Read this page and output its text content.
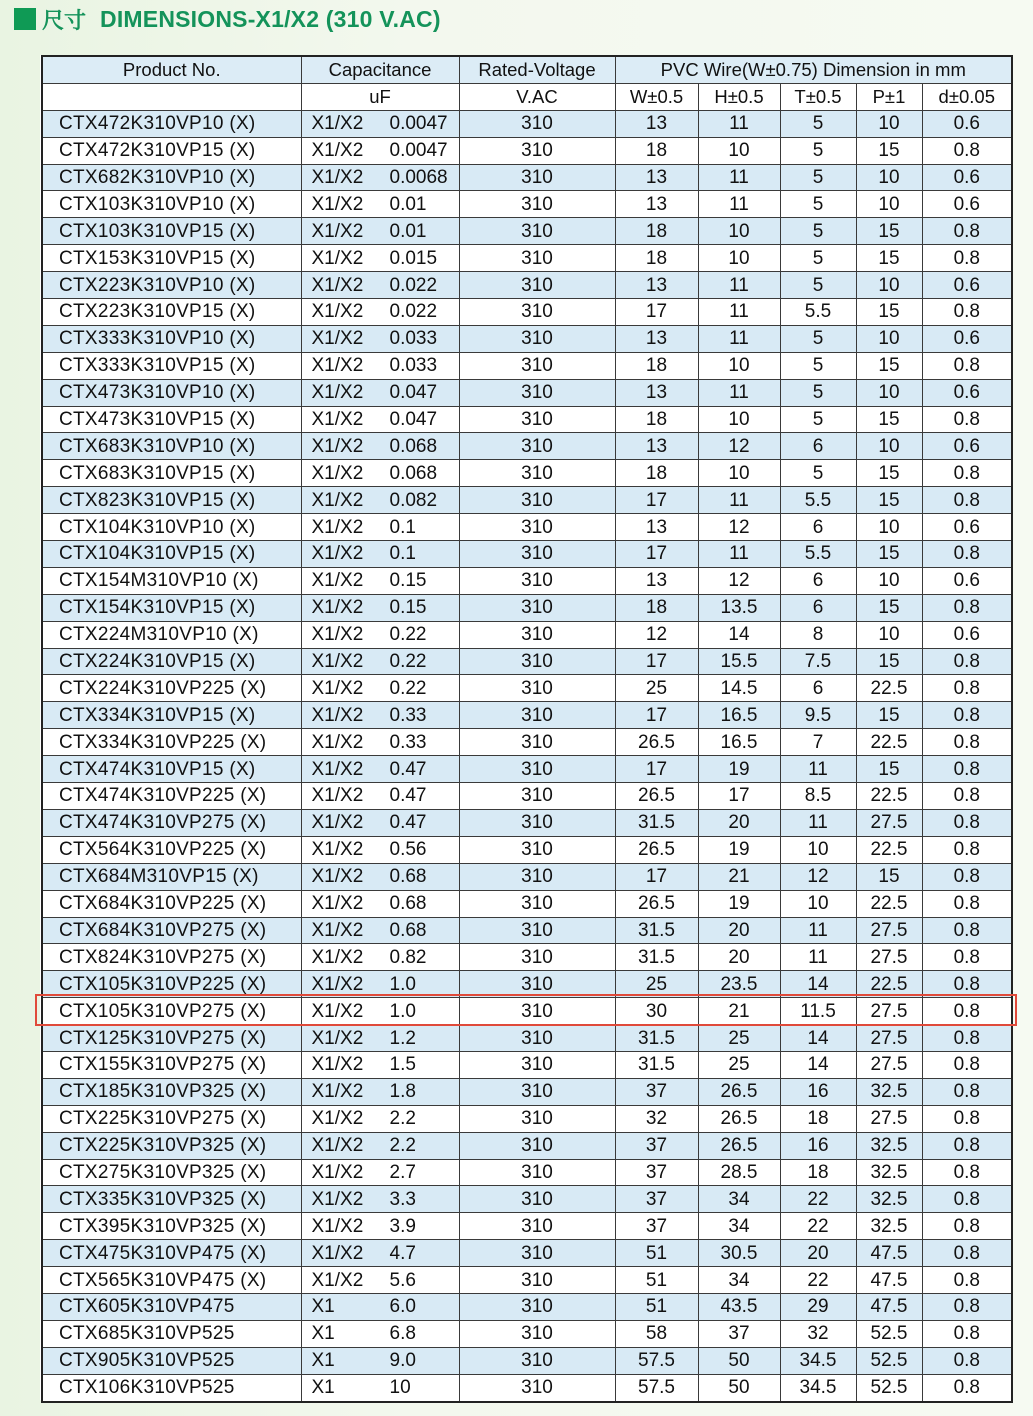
尺寸 DIMENSIONS-X1/X2 (310 V.AC)
Product No.	Capacitance	Rated-Voltage	PVC Wire(W±0.75) Dimension in mm				
	uF	V.AC	W±0.5	H±0.5	T±0.5	P±1	d±0.05
CTX472K310VP10 (X)	X1/X2 0.0047	310	13	11	5	10	0.6
CTX472K310VP15 (X)	X1/X2 0.0047	310	18	10	5	15	0.8
CTX682K310VP10 (X)	X1/X2 0.0068	310	13	11	5	10	0.6
CTX103K310VP10 (X)	X1/X2 0.01	310	13	11	5	10	0.6
CTX103K310VP15 (X)	X1/X2 0.01	310	18	10	5	15	0.8
CTX153K310VP15 (X)	X1/X2 0.015	310	18	10	5	15	0.8
CTX223K310VP10 (X)	X1/X2 0.022	310	13	11	5	10	0.6
CTX223K310VP15 (X)	X1/X2 0.022	310	17	11	5.5	15	0.8
CTX333K310VP10 (X)	X1/X2 0.033	310	13	11	5	10	0.6
CTX333K310VP15 (X)	X1/X2 0.033	310	18	10	5	15	0.8
CTX473K310VP10 (X)	X1/X2 0.047	310	13	11	5	10	0.6
CTX473K310VP15 (X)	X1/X2 0.047	310	18	10	5	15	0.8
CTX683K310VP10 (X)	X1/X2 0.068	310	13	12	6	10	0.6
CTX683K310VP15 (X)	X1/X2 0.068	310	18	10	5	15	0.8
CTX823K310VP15 (X)	X1/X2 0.082	310	17	11	5.5	15	0.8
CTX104K310VP10 (X)	X1/X2 0.1	310	13	12	6	10	0.6
CTX104K310VP15 (X)	X1/X2 0.1	310	17	11	5.5	15	0.8
CTX154M310VP10 (X)	X1/X2 0.15	310	13	12	6	10	0.6
CTX154K310VP15 (X)	X1/X2 0.15	310	18	13.5	6	15	0.8
CTX224M310VP10 (X)	X1/X2 0.22	310	12	14	8	10	0.6
CTX224K310VP15 (X)	X1/X2 0.22	310	17	15.5	7.5	15	0.8
CTX224K310VP225 (X)	X1/X2 0.22	310	25	14.5	6	22.5	0.8
CTX334K310VP15 (X)	X1/X2 0.33	310	17	16.5	9.5	15	0.8
CTX334K310VP225 (X)	X1/X2 0.33	310	26.5	16.5	7	22.5	0.8
CTX474K310VP15 (X)	X1/X2 0.47	310	17	19	11	15	0.8
CTX474K310VP225 (X)	X1/X2 0.47	310	26.5	17	8.5	22.5	0.8
CTX474K310VP275 (X)	X1/X2 0.47	310	31.5	20	11	27.5	0.8
CTX564K310VP225 (X)	X1/X2 0.56	310	26.5	19	10	22.5	0.8
CTX684M310VP15 (X)	X1/X2 0.68	310	17	21	12	15	0.8
CTX684K310VP225 (X)	X1/X2 0.68	310	26.5	19	10	22.5	0.8
CTX684K310VP275 (X)	X1/X2 0.68	310	31.5	20	11	27.5	0.8
CTX824K310VP275 (X)	X1/X2 0.82	310	31.5	20	11	27.5	0.8
CTX105K310VP225 (X)	X1/X2 1.0	310	25	23.5	14	22.5	0.8
CTX105K310VP275 (X)	X1/X2 1.0	310	30	21	11.5	27.5	0.8
CTX125K310VP275 (X)	X1/X2 1.2	310	31.5	25	14	27.5	0.8
CTX155K310VP275 (X)	X1/X2 1.5	310	31.5	25	14	27.5	0.8
CTX185K310VP325 (X)	X1/X2 1.8	310	37	26.5	16	32.5	0.8
CTX225K310VP275 (X)	X1/X2 2.2	310	32	26.5	18	27.5	0.8
CTX225K310VP325 (X)	X1/X2 2.2	310	37	26.5	16	32.5	0.8
CTX275K310VP325 (X)	X1/X2 2.7	310	37	28.5	18	32.5	0.8
CTX335K310VP325 (X)	X1/X2 3.3	310	37	34	22	32.5	0.8
CTX395K310VP325 (X)	X1/X2 3.9	310	37	34	22	32.5	0.8
CTX475K310VP475 (X)	X1/X2 4.7	310	51	30.5	20	47.5	0.8
CTX565K310VP475 (X)	X1/X2 5.6	310	51	34	22	47.5	0.8
CTX605K310VP475	X1 6.0	310	51	43.5	29	47.5	0.8
CTX685K310VP525	X1 6.8	310	58	37	32	52.5	0.8
CTX905K310VP525	X1 9.0	310	57.5	50	34.5	52.5	0.8
CTX106K310VP525	X1 10	310	57.5	50	34.5	52.5	0.8
